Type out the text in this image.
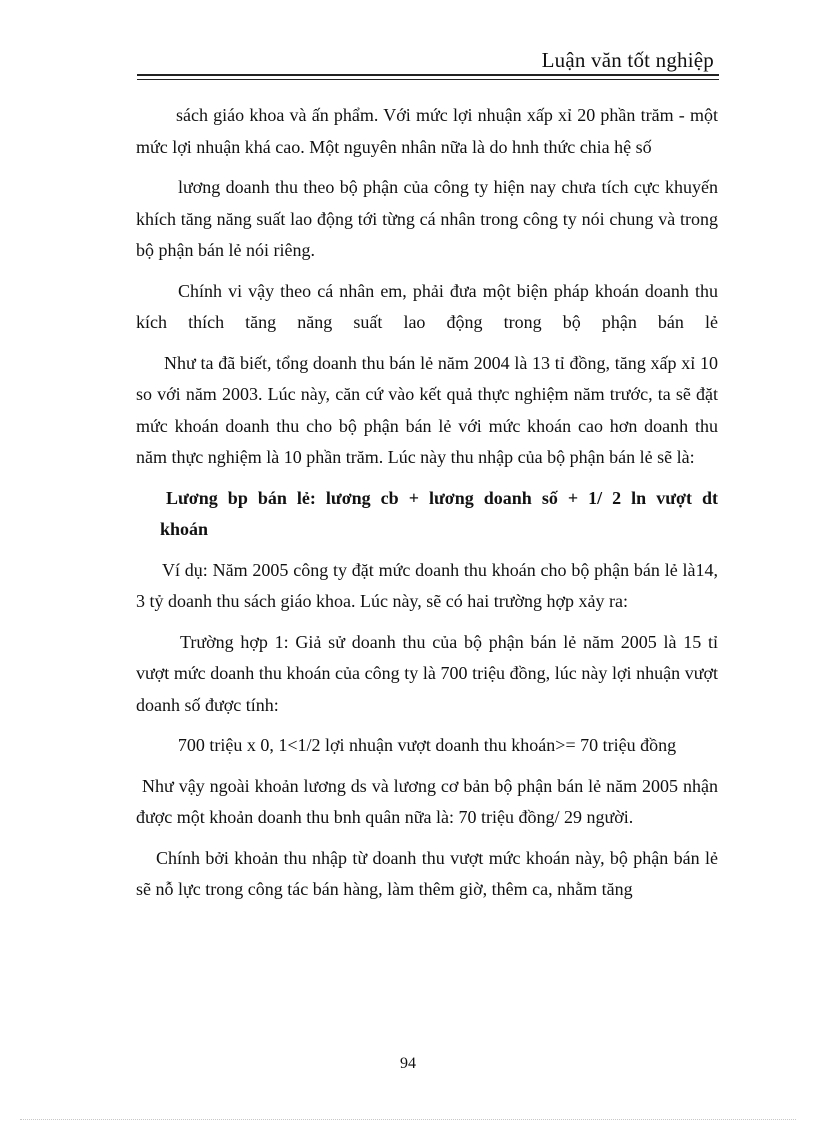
Luận văn tốt nghiệp

sách giáo khoa và ấn phẩm. Với mức lợi nhuận xấp xỉ 20 phần trăm - một mức lợi nhuận khá cao. Một nguyên nhân nữa là do hnh thức chia hệ số

lương doanh thu theo bộ phận của công ty hiện nay chưa tích cực khuyến khích tăng năng suất lao động tới từng cá nhân trong công ty nói chung và trong bộ phận bán lẻ nói riêng.

Chính vi vậy theo cá nhân em, phải đưa một biện pháp khoán doanh thu kích thích tăng năng suất lao động trong bộ phận bán lẻ

Như ta đã biết, tổng doanh thu bán lẻ năm 2004 là 13 tỉ đồng, tăng xấp xỉ 10 so với năm 2003. Lúc này, căn cứ vào kết quả thực nghiệm năm trước, ta sẽ đặt mức khoán doanh thu cho bộ phận bán lẻ với mức khoán cao hơn doanh thu năm thực nghiệm là 10 phần trăm. Lúc này thu nhập của bộ phận bán lẻ sẽ là:

Lương bp bán lẻ: lương cb + lương doanh số + 1/ 2 ln vượt dt
khoán

Ví dụ: Năm 2005 công ty đặt mức doanh thu khoán cho bộ phận bán lẻ là14, 3 tỷ doanh thu sách giáo khoa. Lúc này, sẽ có hai trường hợp xảy ra:

Trường hợp 1: Giả sử doanh thu của bộ phận bán lẻ năm 2005 là 15 tỉ vượt mức doanh thu khoán của công ty là 700 triệu đồng, lúc này lợi nhuận vượt doanh số được tính:

700 triệu x 0, 1<1/2 lợi nhuận vượt doanh thu khoán>= 70 triệu đồng

Như vậy ngoài khoản lương ds và lương cơ bản bộ phận bán lẻ năm 2005 nhận được một khoản doanh thu bnh quân nữa là: 70 triệu đồng/ 29 người.

Chính bởi khoản thu nhập từ doanh thu vượt mức khoán này, bộ phận bán lẻ sẽ nỗ lực trong công tác bán hàng, làm thêm giờ, thêm ca, nhằm tăng

94
